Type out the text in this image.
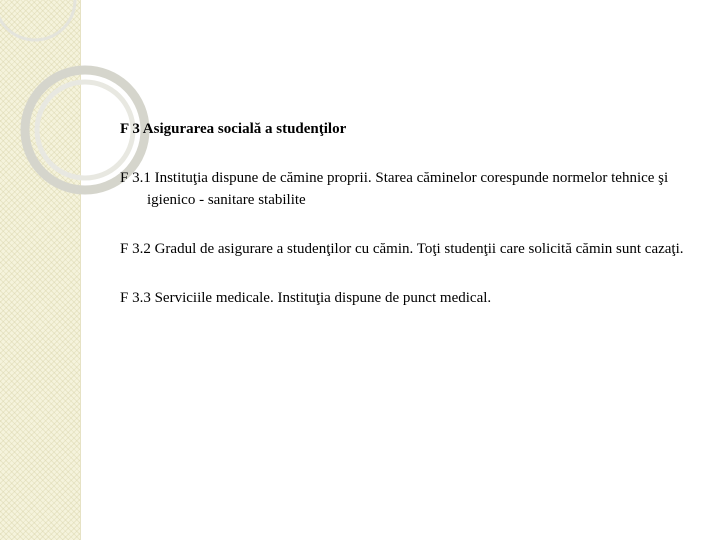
F 3 Asigurarea socială a studenţilor

F 3.1 Instituţia dispune de cămine proprii. Starea căminelor corespunde normelor tehnice şi igienico - sanitare stabilite

F 3.2 Gradul de asigurare a studenţilor cu cămin. Toţi studenţii care solicită cămin sunt cazaţi.

F 3.3 Serviciile medicale. Instituţia dispune de punct medical.
